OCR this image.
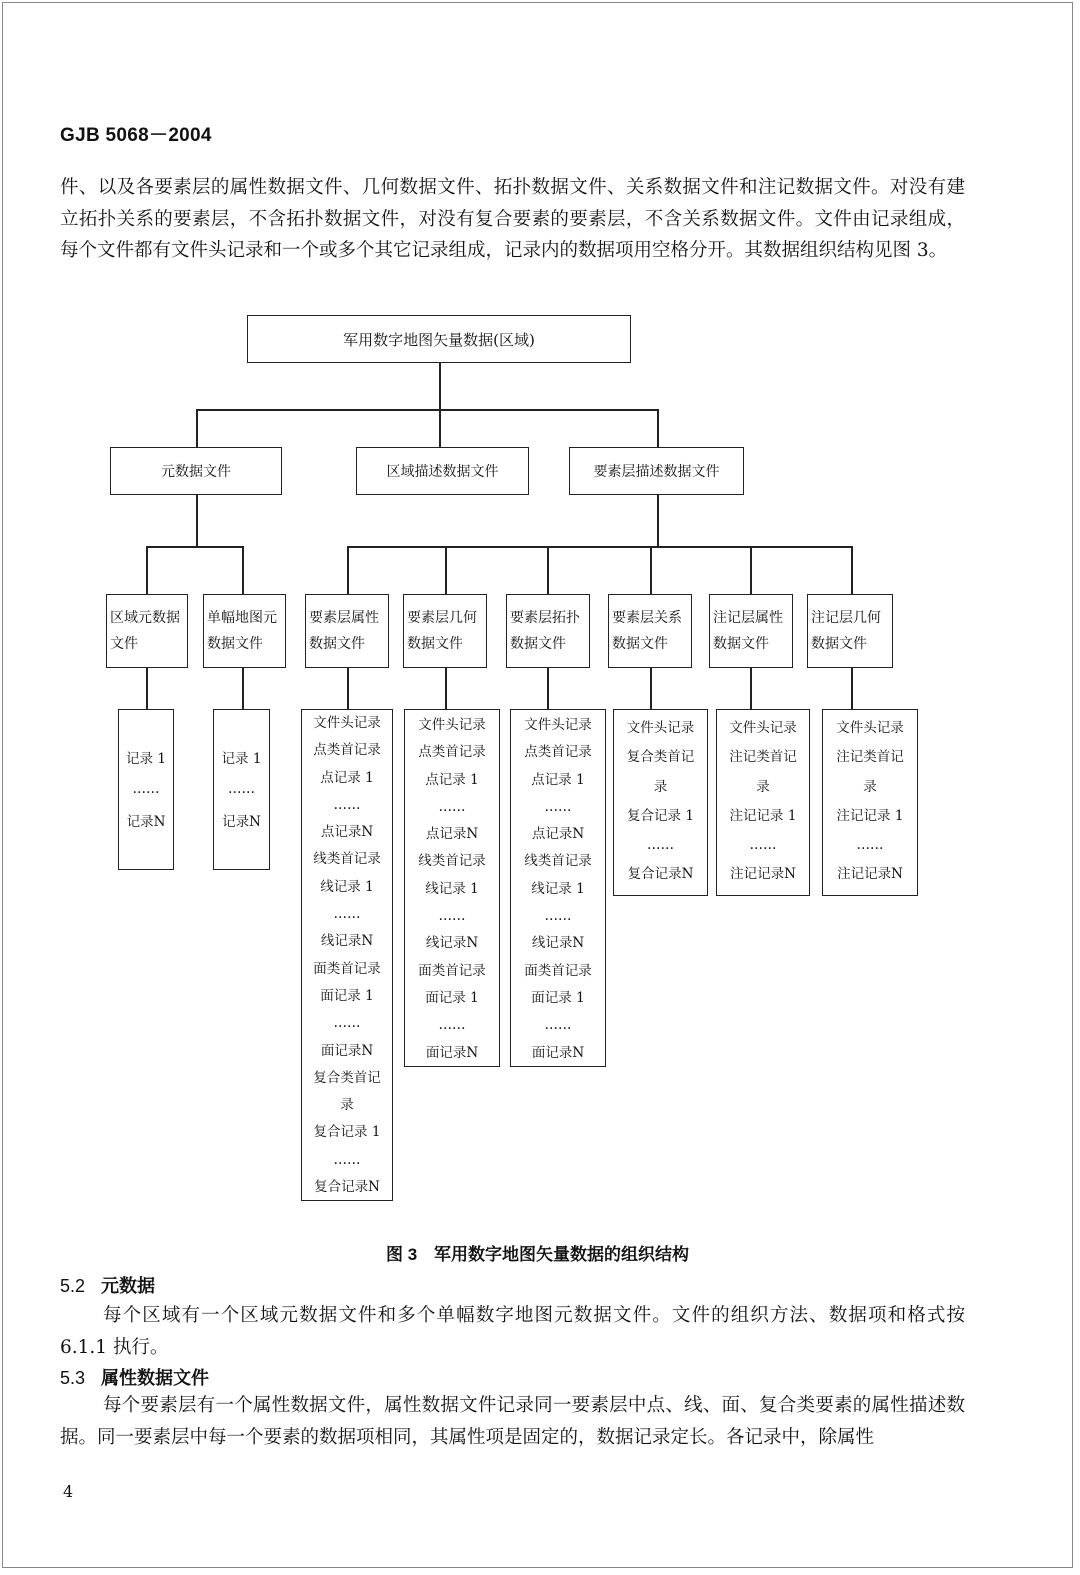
GJB 5068－2004

件、以及各要素层的属性数据文件、几何数据文件、拓扑数据文件、关系数据文件和注记数据文件。对没有建立拓扑关系的要素层，不含拓扑数据文件，对没有复合要素的要素层，不含关系数据文件。文件由记录组成，每个文件都有文件头记录和一个或多个其它记录组成，记录内的数据项用空格分开。其数据组织结构见图 3。

军用数字地图矢量数据(区域)
元数据文件	区域描述数据文件	要素层描述数据文件
区域元数据
文件
单幅地图元
数据文件
要素层属性
数据文件
要素层几何
数据文件
要素层拓扑
数据文件
要素层关系
数据文件
注记层属性
数据文件
注记层几何
数据文件
记录 1
……
记录N
记录 1
……
记录N
文件头记录
点类首记录
点记录 1
……
点记录N
线类首记录
线记录 1
……
线记录N
面类首记录
面记录 1
……
面记录N
复合类首记
录
复合记录 1
……
复合记录N
文件头记录
点类首记录
点记录 1
……
点记录N
线类首记录
线记录 1
……
线记录N
面类首记录
面记录 1
……
面记录N
文件头记录
点类首记录
点记录 1
……
点记录N
线类首记录
线记录 1
……
线记录N
面类首记录
面记录 1
……
面记录N
文件头记录
复合类首记
录
复合记录 1
……
复合记录N
文件头记录
注记类首记
录
注记记录 1
……
注记记录N
文件头记录
注记类首记
录
注记记录 1
……
注记记录N
图 3 军用数字地图矢量数据的组织结构
5.2 元数据

每个区域有一个区域元数据文件和多个单幅数字地图元数据文件。文件的组织方法、数据项和格式按 6.1.1 执行。

5.3 属性数据文件

每个要素层有一个属性数据文件，属性数据文件记录同一要素层中点、线、面、复合类要素的属性描述数据。同一要素层中每一个要素的数据项相同，其属性项是固定的，数据记录定长。各记录中，除属性

4
